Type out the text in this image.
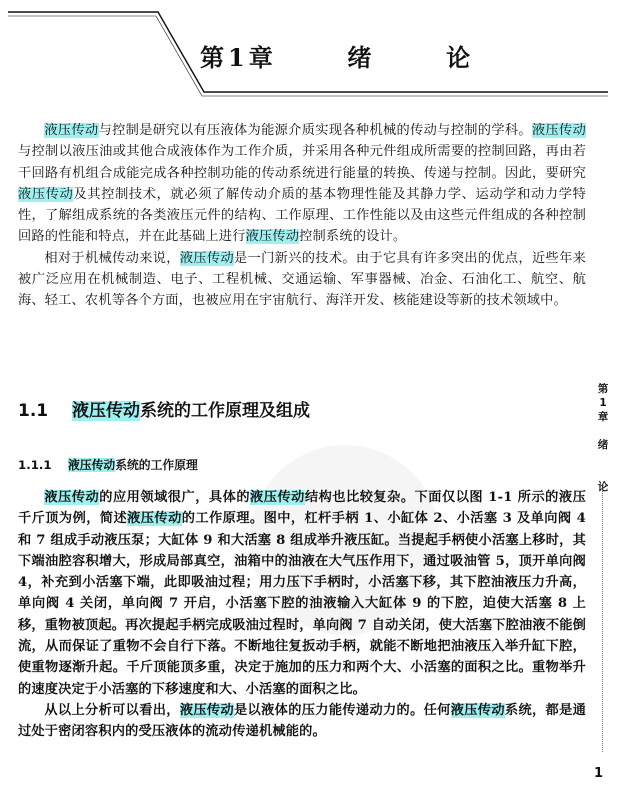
第1章	绪	论

液压传动与控制是研究以有压液体为能源介质实现各种机械的传动与控制的学科。液压传动与控制以液压油或其他合成液体作为工作介质，并采用各种元件组成所需要的控制回路，再由若干回路有机组合成能完成各种控制功能的传动系统进行能量的转换、传递与控制。因此，要研究液压传动及其控制技术，就必须了解传动介质的基本物理性能及其静力学、运动学和动力学特性，了解组成系统的各类液压元件的结构、工作原理、工作性能以及由这些元件组成的各种控制回路的性能和特点，并在此基础上进行液压传动控制系统的设计。

相对于机械传动来说，液压传动是一门新兴的技术。由于它具有许多突出的优点，近些年来被广泛应用在机械制造、电子、工程机械、交通运输、军事器械、冶金、石油化工、航空、航海、轻工、农机等各个方面，也被应用在宇宙航行、海洋开发、核能建设等新的技术领域中。

1.1 液压传动系统的工作原理及组成
1.1.1 液压传动系统的工作原理

液压传动的应用领域很广，具体的液压传动结构也比较复杂。下面仅以图 1-1 所示的液压千斤顶为例，简述液压传动的工作原理。图中，杠杆手柄 1、小缸体 2、小活塞 3 及单向阀 4 和 7 组成手动液压泵；大缸体 9 和大活塞 8 组成举升液压缸。当提起手柄使小活塞上移时，其下端油腔容积增大，形成局部真空，油箱中的油液在大气压作用下，通过吸油管 5，顶开单向阀 4，补充到小活塞下端，此即吸油过程；用力压下手柄时，小活塞下移，其下腔油液压力升高，单向阀 4 关闭，单向阀 7 开启，小活塞下腔的油液输入大缸体 9 的下腔，迫使大活塞 8 上移，重物被顶起。再次提起手柄完成吸油过程时，单向阀 7 自动关闭，使大活塞下腔油液不能倒流，从而保证了重物不会自行下落。不断地往复扳动手柄，就能不断地把油液压入举升缸下腔，使重物逐渐升起。千斤顶能顶多重，决定于施加的压力和两个大、小活塞的面积之比。重物举升的速度决定于小活塞的下移速度和大、小活塞的面积之比。

从以上分析可以看出，液压传动是以液体的压力能传递动力的。任何液压传动系统，都是通过处于密闭容积内的受压液体的流动传递机械能的。

第
1
章
绪
论
1
